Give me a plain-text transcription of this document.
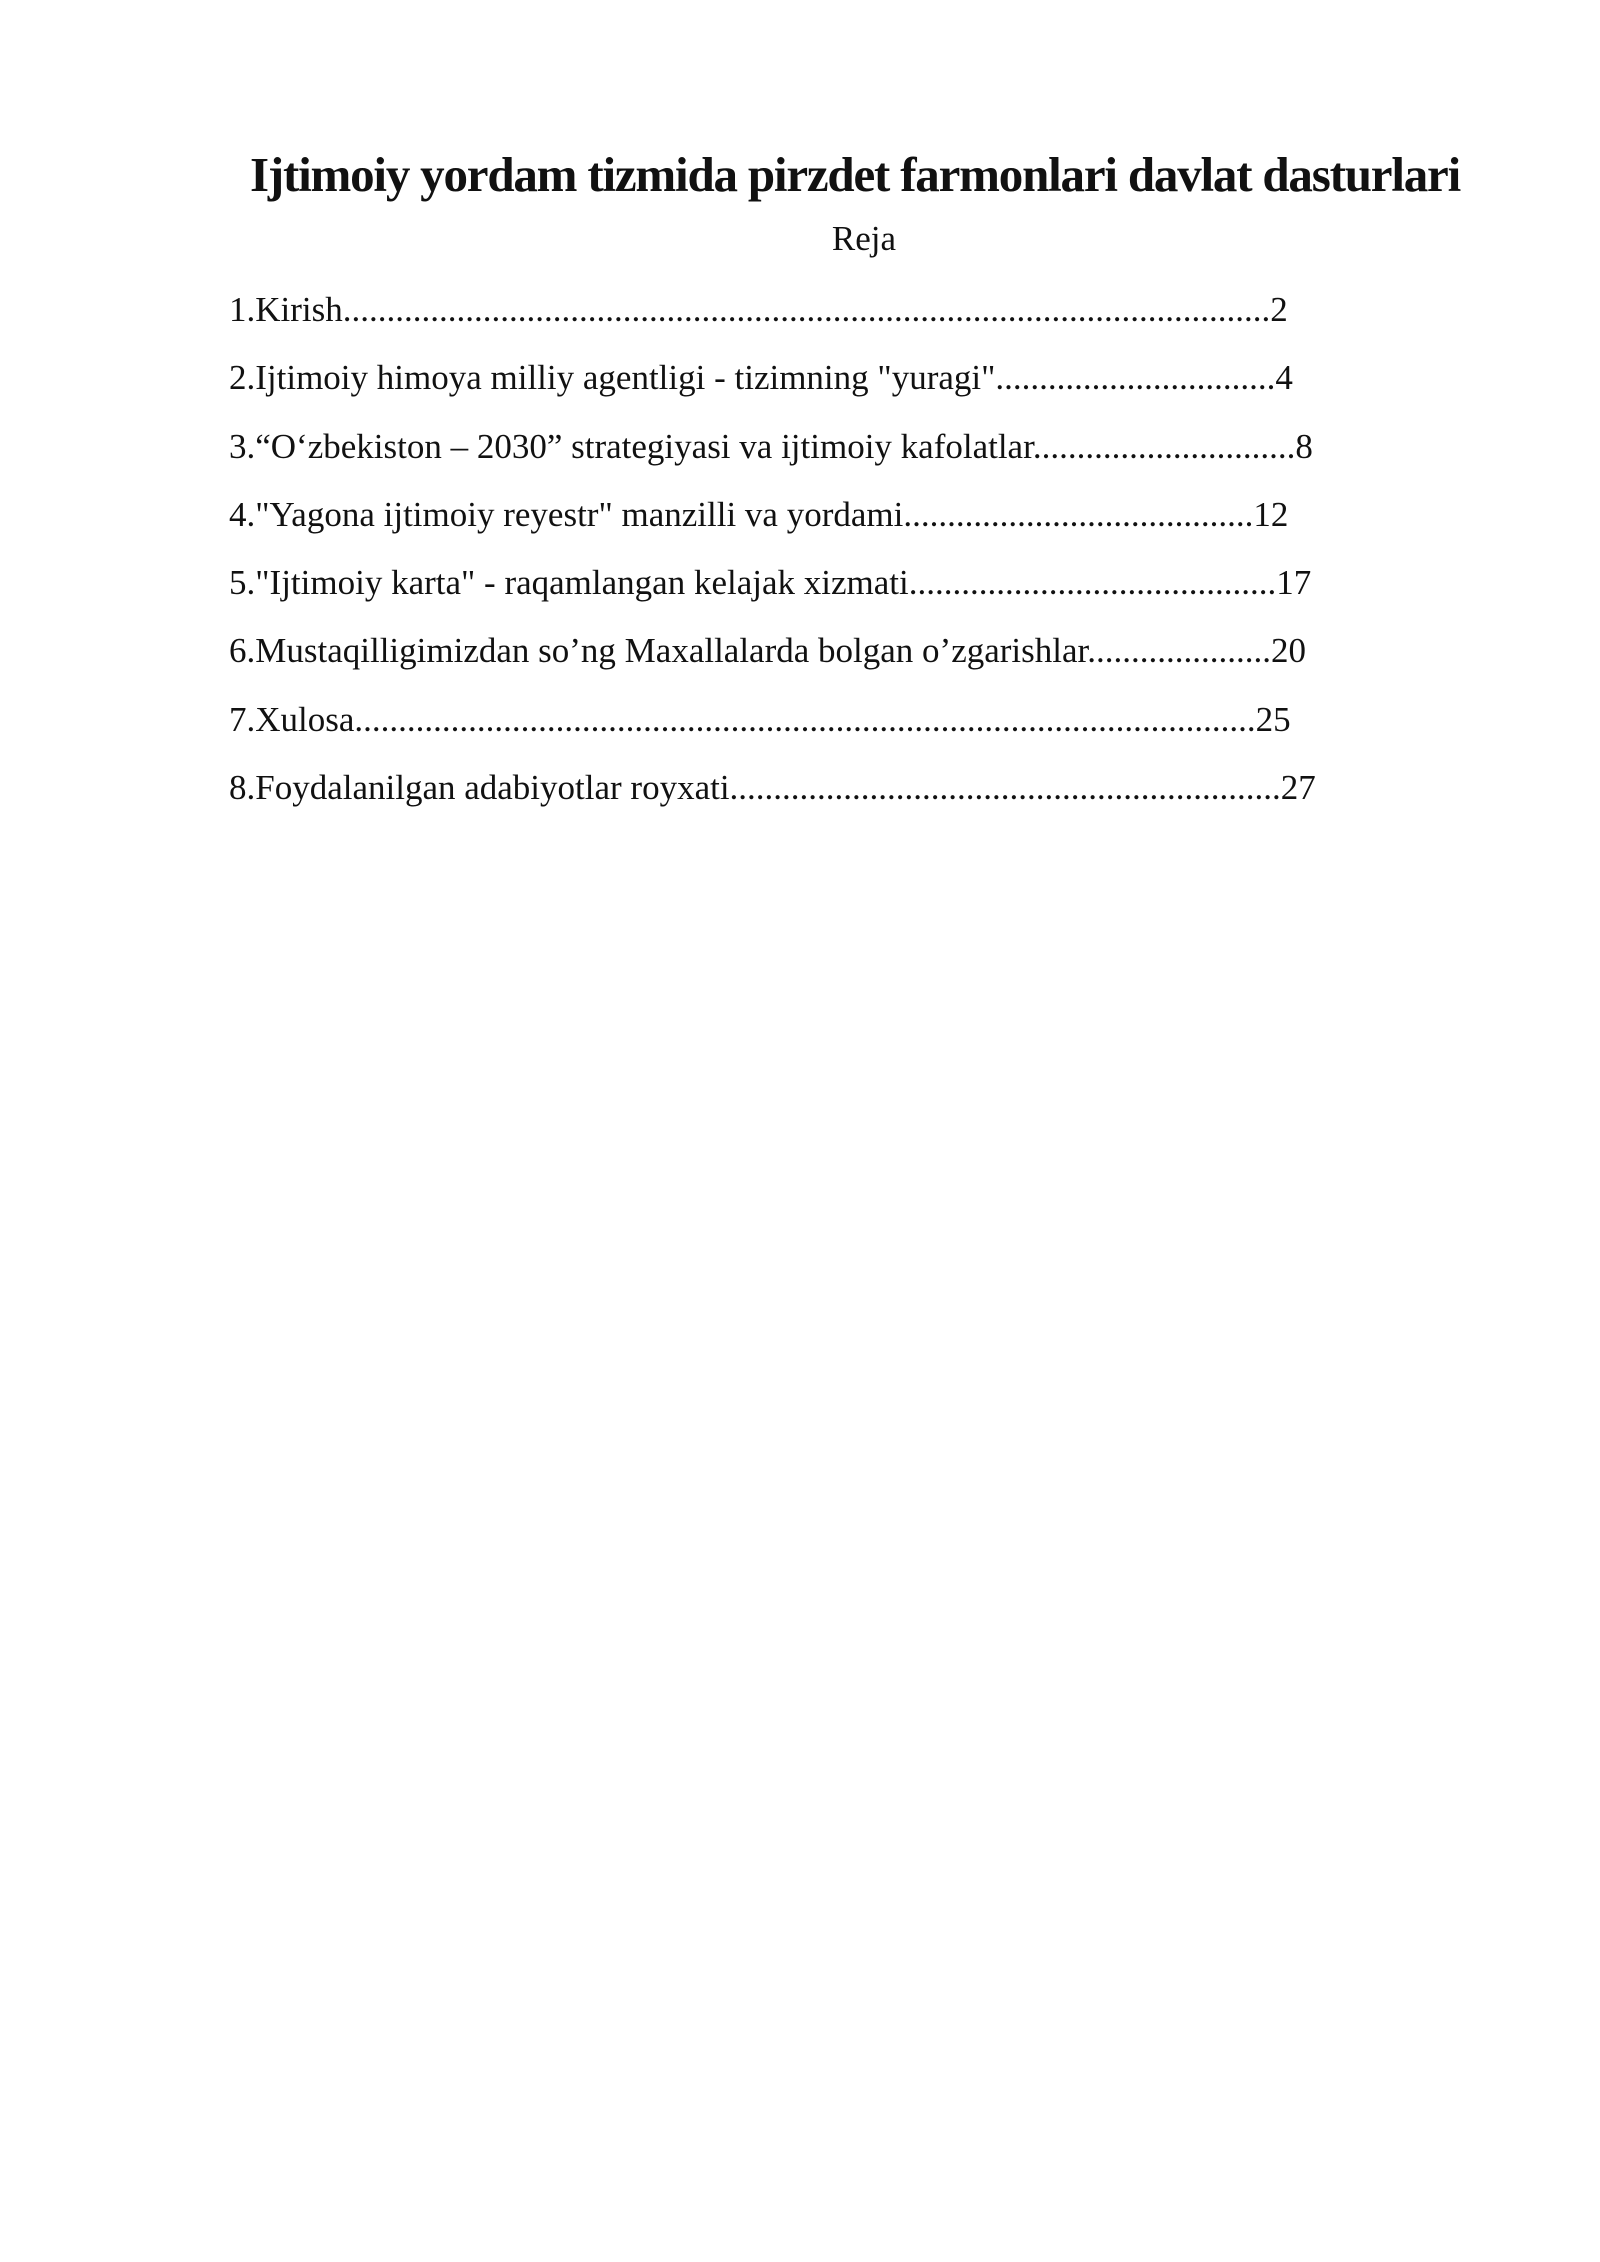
Ijtimoiy yordam tizmida pirzdet farmonlari davlat dasturlari
Reja
1.Kirish..........................................................................................................2
2.Ijtimoiy himoya milliy agentligi - tizimning "yuragi"................................4
3.“O‘zbekiston – 2030” strategiyasi va ijtimoiy kafolatlar..............................8
4."Yagona ijtimoiy reyestr" manzilli va yordami........................................12
5."Ijtimoiy karta" - raqamlangan kelajak xizmati..........................................17
6.Mustaqilligimizdan so’ng Maxallalarda bolgan o’zgarishlar.....................20
7.Xulosa.......................................................................................................25
8.Foydalanilgan adabiyotlar royxati...............................................................27
